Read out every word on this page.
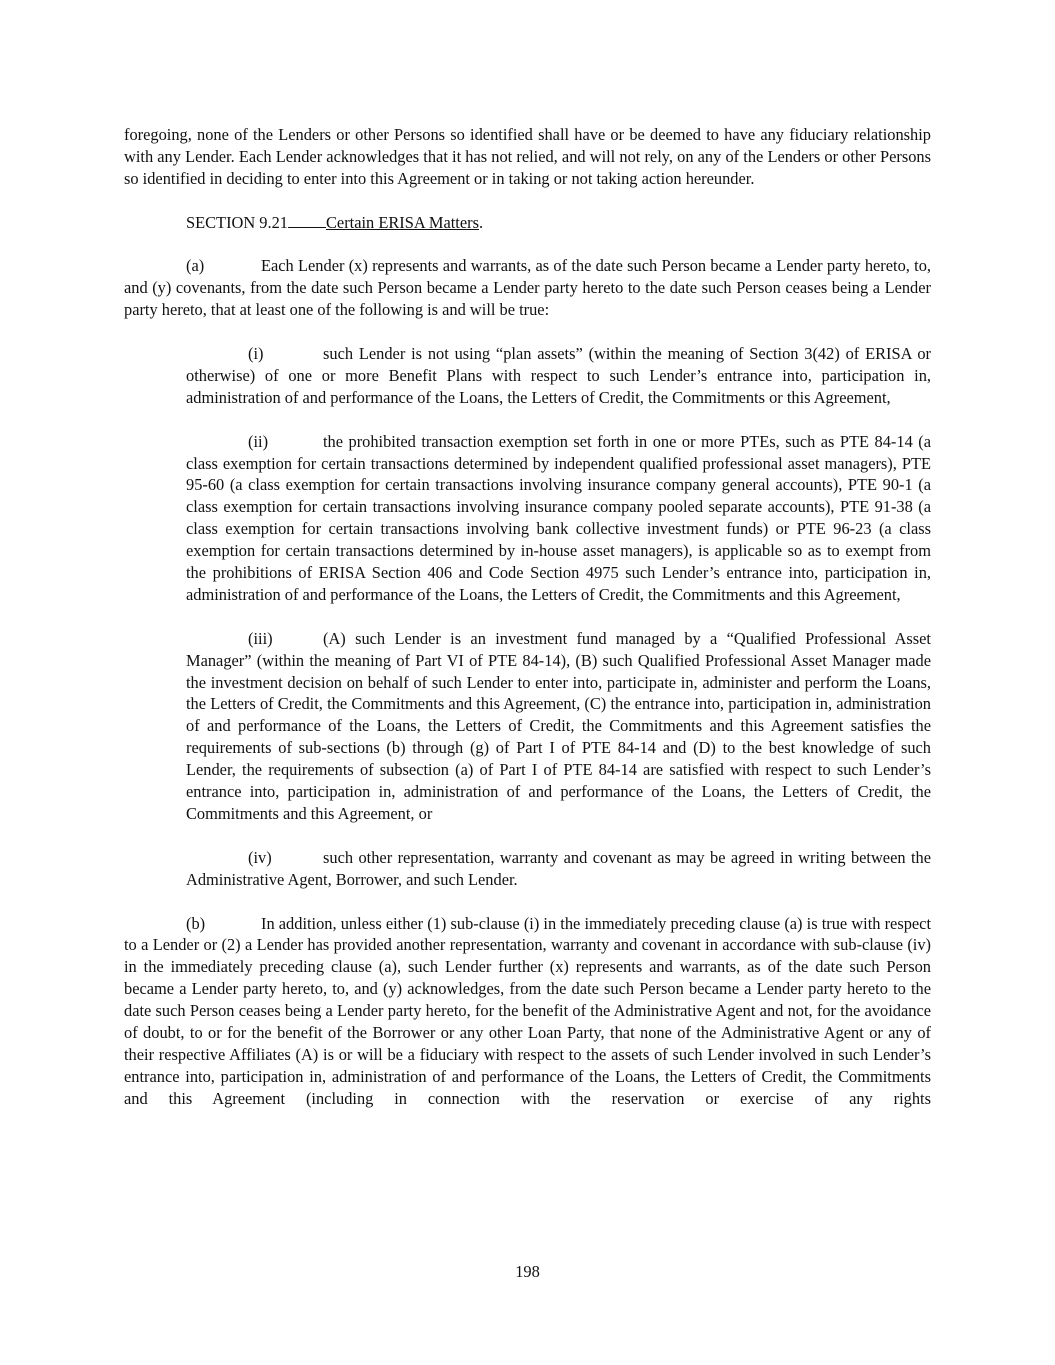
foregoing, none of the Lenders or other Persons so identified shall have or be deemed to have any fiduciary relationship with any Lender. Each Lender acknowledges that it has not relied, and will not rely, on any of the Lenders or other Persons so identified in deciding to enter into this Agreement or in taking or not taking action hereunder.

SECTION 9.21 Certain ERISA Matters.

(a)	Each Lender (x) represents and warrants, as of the date such Person became a Lender party hereto, to, and (y) covenants, from the date such Person became a Lender party hereto to the date such Person ceases being a Lender party hereto, that at least one of the following is and will be true:

(i)	such Lender is not using “plan assets” (within the meaning of Section 3(42) of ERISA or otherwise) of one or more Benefit Plans with respect to such Lender’s entrance into, participation in, administration of and performance of the Loans, the Letters of Credit, the Commitments or this Agreement,

(ii)	the prohibited transaction exemption set forth in one or more PTEs, such as PTE 84-14 (a class exemption for certain transactions determined by independent qualified professional asset managers), PTE 95-60 (a class exemption for certain transactions involving insurance company general accounts), PTE 90-1 (a class exemption for certain transactions involving insurance company pooled separate accounts), PTE 91-38 (a class exemption for certain transactions involving bank collective investment funds) or PTE 96-23 (a class exemption for certain transactions determined by in-house asset managers), is applicable so as to exempt from the prohibitions of ERISA Section 406 and Code Section 4975 such Lender’s entrance into, participation in, administration of and performance of the Loans, the Letters of Credit, the Commitments and this Agreement,

(iii)	(A) such Lender is an investment fund managed by a “Qualified Professional Asset Manager” (within the meaning of Part VI of PTE 84-14), (B) such Qualified Professional Asset Manager made the investment decision on behalf of such Lender to enter into, participate in, administer and perform the Loans, the Letters of Credit, the Commitments and this Agreement, (C) the entrance into, participation in, administration of and performance of the Loans, the Letters of Credit, the Commitments and this Agreement satisfies the requirements of sub-sections (b) through (g) of Part I of PTE 84-14 and (D) to the best knowledge of such Lender, the requirements of subsection (a) of Part I of PTE 84-14 are satisfied with respect to such Lender’s entrance into, participation in, administration of and performance of the Loans, the Letters of Credit, the Commitments and this Agreement, or

(iv)	such other representation, warranty and covenant as may be agreed in writing between the Administrative Agent, Borrower, and such Lender.

(b)	In addition, unless either (1) sub-clause (i) in the immediately preceding clause (a) is true with respect to a Lender or (2) a Lender has provided another representation, warranty and covenant in accordance with sub-clause (iv) in the immediately preceding clause (a), such Lender further (x) represents and warrants, as of the date such Person became a Lender party hereto, to, and (y) acknowledges, from the date such Person became a Lender party hereto to the date such Person ceases being a Lender party hereto, for the benefit of the Administrative Agent and not, for the avoidance of doubt, to or for the benefit of the Borrower or any other Loan Party, that none of the Administrative Agent or any of their respective Affiliates (A) is or will be a fiduciary with respect to the assets of such Lender involved in such Lender’s entrance into, participation in, administration of and performance of the Loans, the Letters of Credit, the Commitments and this Agreement (including in connection with the reservation or exercise of any rights

198
